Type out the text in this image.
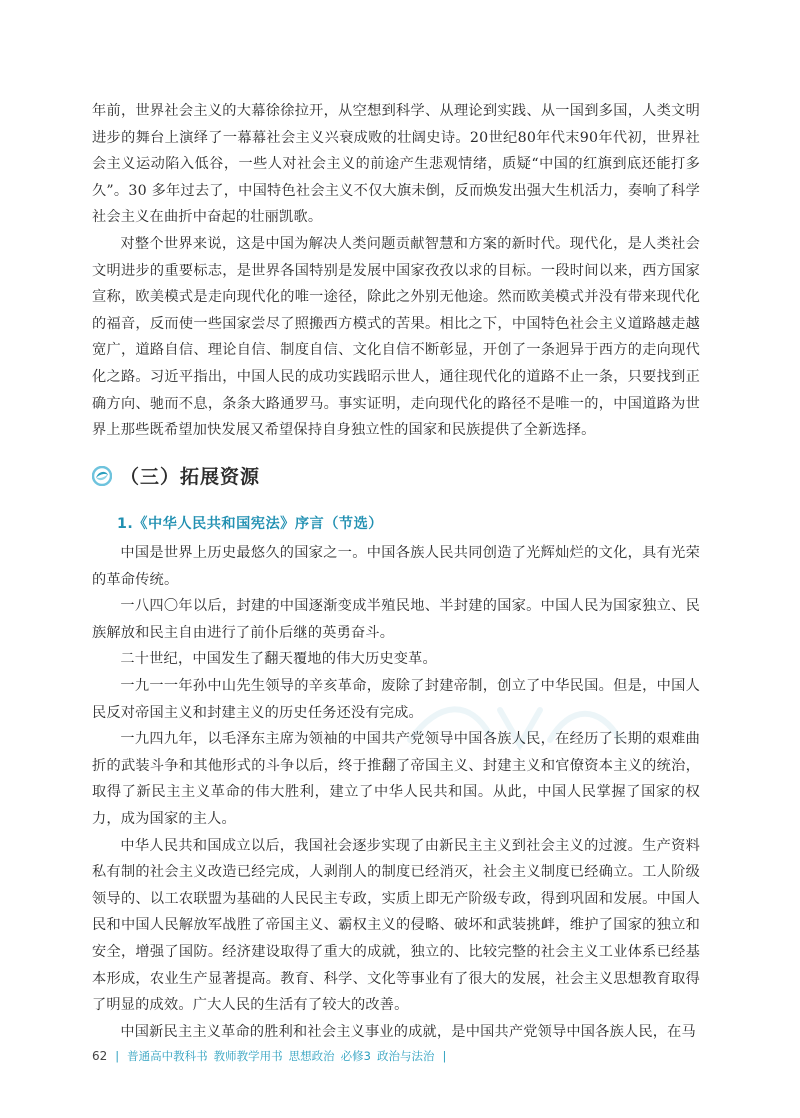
年前，世界社会主义的大幕徐徐拉开，从空想到科学、从理论到实践、从一国到多国，人类文明进步的舞台上演绎了一幕幕社会主义兴衰成败的壮阔史诗。20世纪80年代末90年代初，世界社会主义运动陷入低谷，一些人对社会主义的前途产生悲观情绪，质疑“中国的红旗到底还能打多久”。30 多年过去了，中国特色社会主义不仅大旗未倒，反而焕发出强大生机活力，奏响了科学社会主义在曲折中奋起的壮丽凯歌。

对整个世界来说，这是中国为解决人类问题贡献智慧和方案的新时代。现代化，是人类社会文明进步的重要标志，是世界各国特别是发展中国家孜孜以求的目标。一段时间以来，西方国家宣称，欧美模式是走向现代化的唯一途径，除此之外别无他途。然而欧美模式并没有带来现代化的福音，反而使一些国家尝尽了照搬西方模式的苦果。相比之下，中国特色社会主义道路越走越宽广，道路自信、理论自信、制度自信、文化自信不断彰显，开创了一条迥异于西方的走向现代化之路。习近平指出，中国人民的成功实践昭示世人，通往现代化的道路不止一条，只要找到正确方向、驰而不息，条条大路通罗马。事实证明，走向现代化的路径不是唯一的，中国道路为世界上那些既希望加快发展又希望保持自身独立性的国家和民族提供了全新选择。

（三）拓展资源
1.《中华人民共和国宪法》序言（节选）

中国是世界上历史最悠久的国家之一。中国各族人民共同创造了光辉灿烂的文化，具有光荣的革命传统。

一八四〇年以后，封建的中国逐渐变成半殖民地、半封建的国家。中国人民为国家独立、民族解放和民主自由进行了前仆后继的英勇奋斗。

二十世纪，中国发生了翻天覆地的伟大历史变革。

一九一一年孙中山先生领导的辛亥革命，废除了封建帝制，创立了中华民国。但是，中国人民反对帝国主义和封建主义的历史任务还没有完成。

一九四九年，以毛泽东主席为领袖的中国共产党领导中国各族人民，在经历了长期的艰难曲折的武装斗争和其他形式的斗争以后，终于推翻了帝国主义、封建主义和官僚资本主义的统治，取得了新民主主义革命的伟大胜利，建立了中华人民共和国。从此，中国人民掌握了国家的权力，成为国家的主人。

中华人民共和国成立以后，我国社会逐步实现了由新民主主义到社会主义的过渡。生产资料私有制的社会主义改造已经完成，人剥削人的制度已经消灭，社会主义制度已经确立。工人阶级领导的、以工农联盟为基础的人民民主专政，实质上即无产阶级专政，得到巩固和发展。中国人民和中国人民解放军战胜了帝国主义、霸权主义的侵略、破坏和武装挑衅，维护了国家的独立和安全，增强了国防。经济建设取得了重大的成就，独立的、比较完整的社会主义工业体系已经基本形成，农业生产显著提高。教育、科学、文化等事业有了很大的发展，社会主义思想教育取得了明显的成效。广大人民的生活有了较大的改善。

中国新民主主义革命的胜利和社会主义事业的成就，是中国共产党领导中国各族人民，在马

62 | 普通高中教科书 教师教学用书 思想政治 必修3 政治与法治 |
